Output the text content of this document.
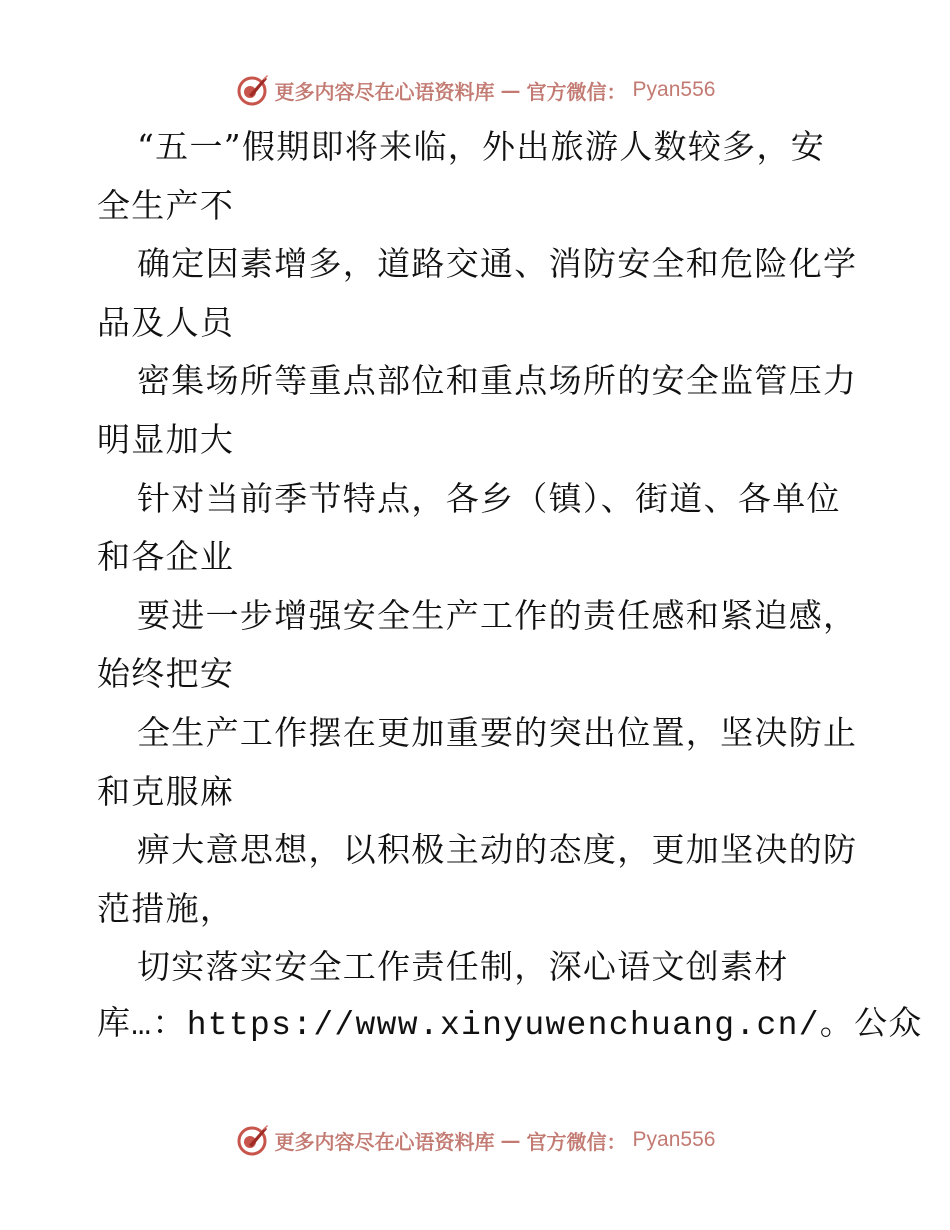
更多内容尽在心语资料库 — 官方微信： Pyan556
“五一”假期即将来临，外出旅游人数较多，安
全生产不
确定因素增多，道路交通、消防安全和危险化学
品及人员
密集场所等重点部位和重点场所的安全监管压力
明显加大
针对当前季节特点，各乡（镇）、街道、各单位
和各企业
要进一步增强安全生产工作的责任感和紧迫感，
始终把安
全生产工作摆在更加重要的突出位置，坚决防止
和克服麻
痹大意思想，以积极主动的态度，更加坚决的防
范措施，
切实落实安全工作责任制，深心语文创素材
库…：https://www.xinyuwenchuang.cn/。公众
更多内容尽在心语资料库 — 官方微信： Pyan556
